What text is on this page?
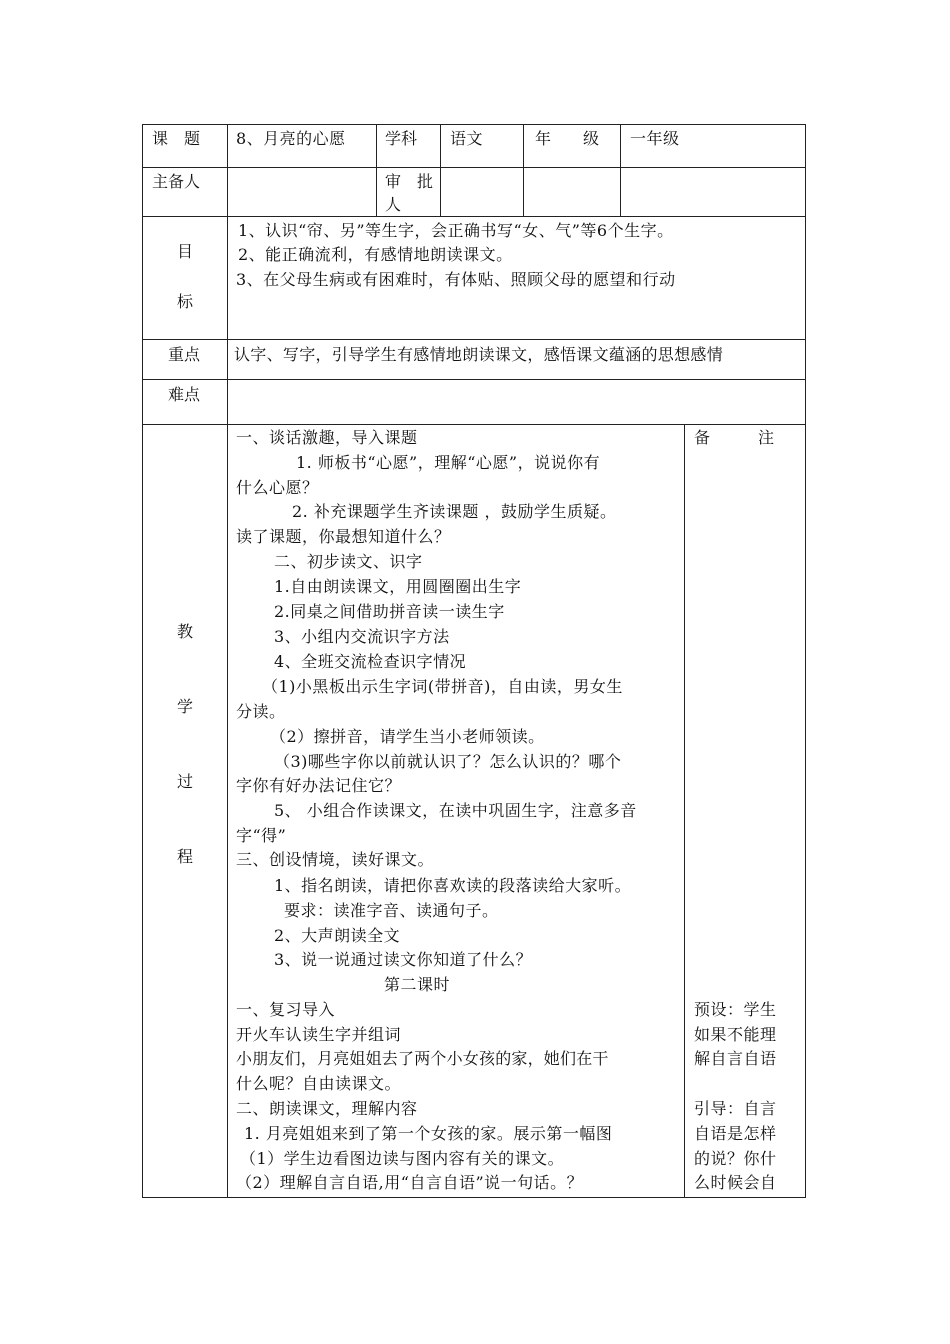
课　题 8、月亮的心愿 学科 语文	年　　级 一年级
主备人	审　批
人
目
标
1、认识“帘、另”等生字，会正确书写“女、气”等6个生字。
2、能正确流利，有感情地朗读课文。
3、在父母生病或有困难时，有体贴、照顾父母的愿望和行动
重点 认字、写字，引导学生有感情地朗读课文，感悟课文蕴涵的思想感情
难点
教
学
过
程
一、谈话激趣，导入课题
1. 师板书“心愿”，理解“心愿”，说说你有
什么心愿？
2. 补充课题学生齐读课题 ，鼓励学生质疑。
读了课题，你最想知道什么？
二、初步读文、识字
1.自由朗读课文，用圆圈圈出生字
2.同桌之间借助拼音读一读生字
3、小组内交流识字方法
4、全班交流检查识字情况
（1)小黑板出示生字词(带拼音)，自由读，男女生
分读。
（2）擦拼音，请学生当小老师领读。
（3)哪些字你以前就认识了？怎么认识的？哪个
字你有好办法记住它？
5、 小组合作读课文，在读中巩固生字，注意多音
字“得”
三、创设情境，读好课文。
1、指名朗读，请把你喜欢读的段落读给大家听。
要求：读准字音、读通句子。
2、大声朗读全文
3、说一说通过读文你知道了什么？
第二课时
一、复习导入
开火车认读生字并组词
小朋友们，月亮姐姐去了两个小女孩的家，她们在干
什么呢？自由读课文。
二、朗读课文，理解内容
1. 月亮姐姐来到了第一个女孩的家。展示第一幅图
（1）学生边看图边读与图内容有关的课文。
（2）理解自言自语,用“自言自语”说一句话。？
备　　　注
预设：学生
如果不能理
解自言自语
引导：自言
自语是怎样
的说？你什
么时候会自
